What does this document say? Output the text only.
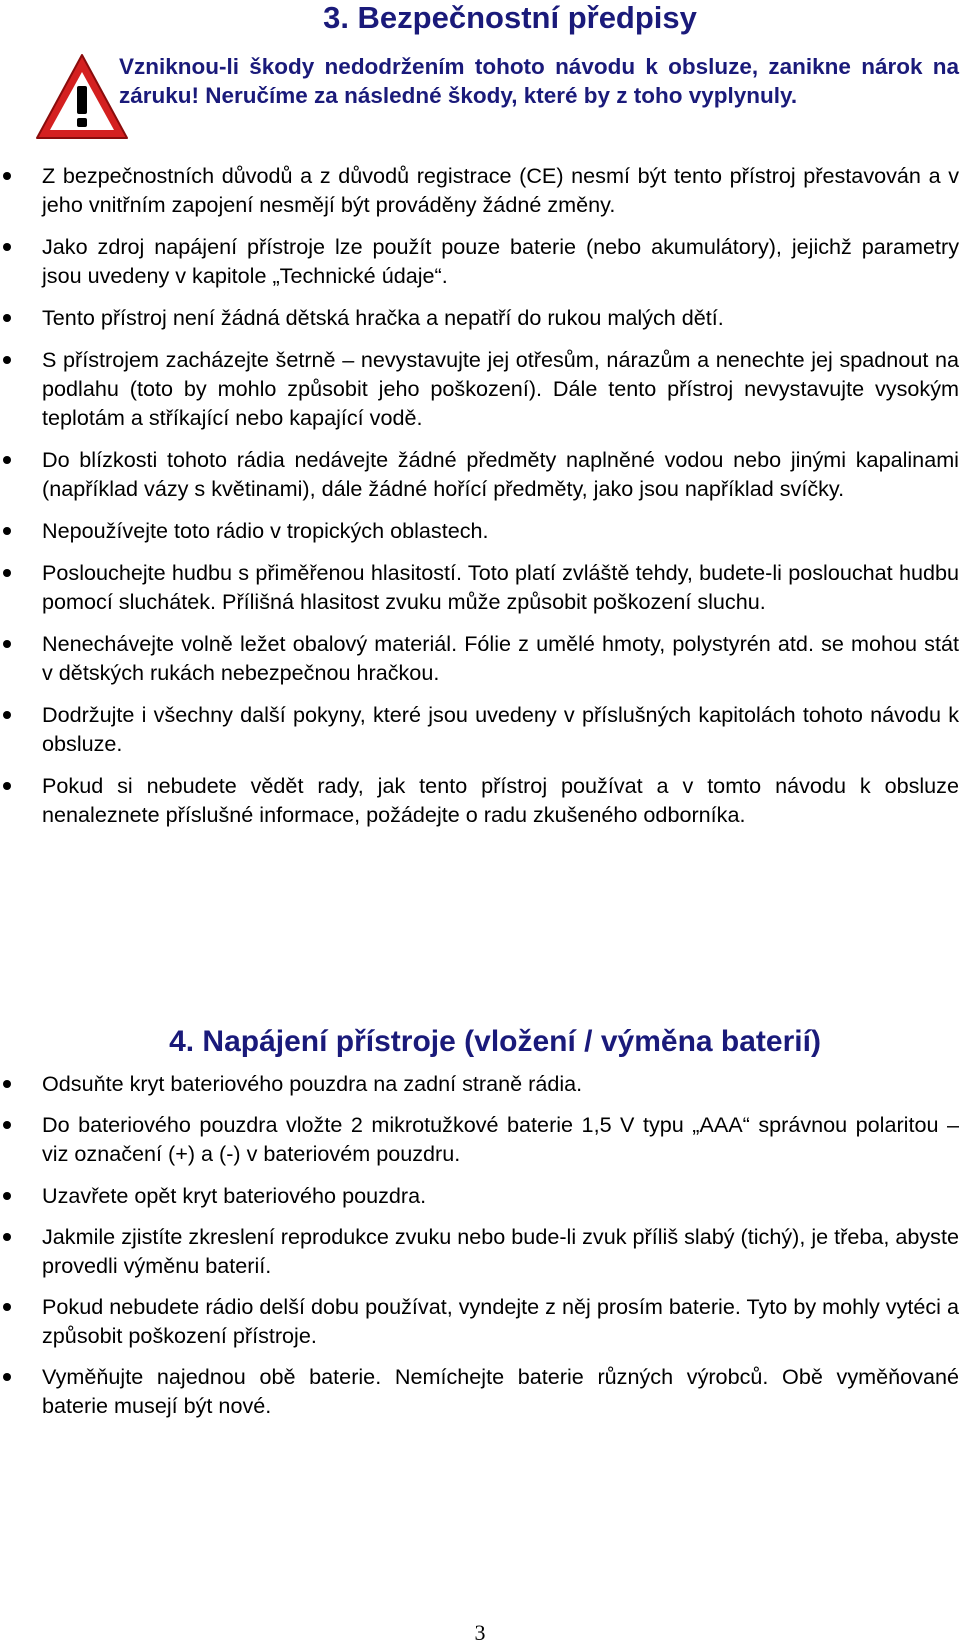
3. Bezpečnostní předpisy
Vzniknou-li škody nedodržením tohoto návodu k obsluze, zanikne nárok na záruku! Neručíme za následné škody, které by z toho vyplynuly.
Z bezpečnostních důvodů a z důvodů registrace (CE) nesmí být tento přístroj přestavován a v jeho vnitřním zapojení nesmějí být prováděny žádné změny.
Jako zdroj napájení přístroje lze použít pouze baterie (nebo akumulátory), jejichž parametry jsou uvedeny v kapitole „Technické údaje“.
Tento přístroj není žádná dětská hračka a nepatří do rukou malých dětí.
S přístrojem zacházejte šetrně – nevystavujte jej otřesům, nárazům a nenechte jej spadnout na podlahu (toto by mohlo způsobit jeho poškození). Dále tento přístroj nevystavujte vysokým teplotám a stříkající nebo kapající vodě.
Do blízkosti tohoto rádia nedávejte žádné předměty naplněné vodou nebo jinými kapalinami (například vázy s květinami), dále žádné hořící předměty, jako jsou například svíčky.
Nepoužívejte toto rádio v tropických oblastech.
Poslouchejte hudbu s přiměřenou hlasitostí. Toto platí zvláště tehdy, budete-li poslouchat hudbu pomocí sluchátek. Přílišná hlasitost zvuku může způsobit poškození sluchu.
Nenechávejte volně ležet obalový materiál. Fólie z umělé hmoty, polystyrén atd. se mohou stát v dětských rukách nebezpečnou hračkou.
Dodržujte i všechny další pokyny, které jsou uvedeny v příslušných kapitolách tohoto návodu k obsluze.
Pokud si nebudete vědět rady, jak tento přístroj používat a v tomto návodu k obsluze nenaleznete příslušné informace, požádejte o radu zkušeného odborníka.
4. Napájení přístroje (vložení / výměna baterií)
Odsuňte kryt bateriového pouzdra na zadní straně rádia.
Do bateriového pouzdra vložte 2 mikrotužkové baterie 1,5 V typu „AAA“ správnou polaritou – viz označení (+) a (-) v bateriovém pouzdru.
Uzavřete opět kryt bateriového pouzdra.
Jakmile zjistíte zkreslení reprodukce zvuku nebo bude-li zvuk příliš slabý (tichý), je třeba, abyste provedli výměnu baterií.
Pokud nebudete rádio delší dobu používat, vyndejte z něj prosím baterie. Tyto by mohly vytéci a způsobit poškození přístroje.
Vyměňujte najednou obě baterie. Nemíchejte baterie různých výrobců. Obě vyměňované baterie musejí být nové.
3
